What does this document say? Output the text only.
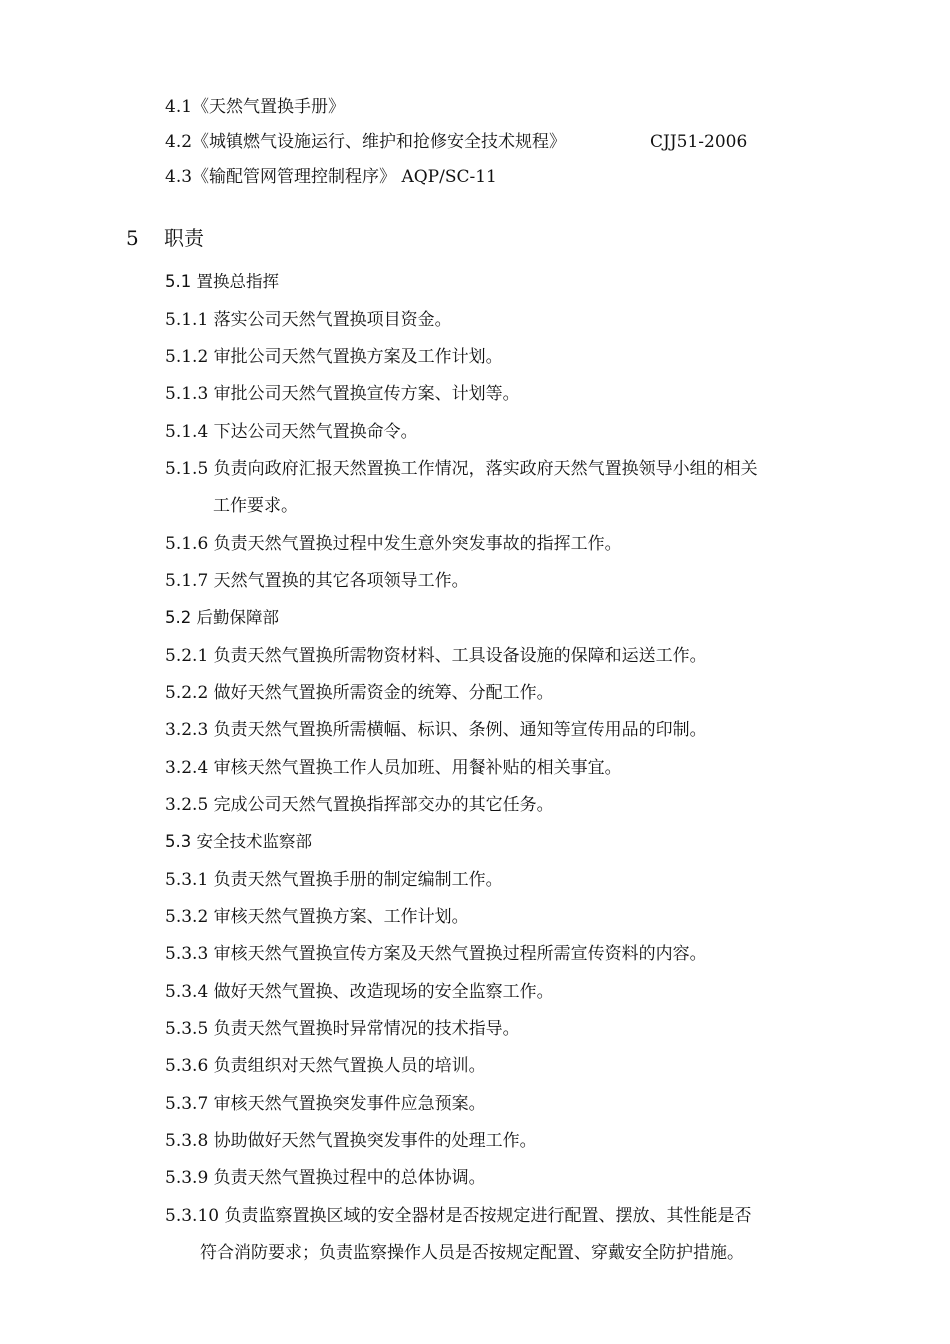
4.1《天然气置换手册》
4.2《城镇燃气设施运行、维护和抢修安全技术规程》	CJJ51-2006
4.3《输配管网管理控制程序》 AQP/SC-11
5 职责
5.1 置换总指挥
5.1.1 落实公司天然气置换项目资金。
5.1.2 审批公司天然气置换方案及工作计划。
5.1.3 审批公司天然气置换宣传方案、计划等。
5.1.4 下达公司天然气置换命令。
5.1.5 负责向政府汇报天然置换工作情况，落实政府天然气置换领导小组的相关
工作要求。
5.1.6 负责天然气置换过程中发生意外突发事故的指挥工作。
5.1.7 天然气置换的其它各项领导工作。
5.2 后勤保障部
5.2.1 负责天然气置换所需物资材料、工具设备设施的保障和运送工作。
5.2.2 做好天然气置换所需资金的统筹、分配工作。
3.2.3 负责天然气置换所需横幅、标识、条例、通知等宣传用品的印制。
3.2.4 审核天然气置换工作人员加班、用餐补贴的相关事宜。
3.2.5 完成公司天然气置换指挥部交办的其它任务。
5.3 安全技术监察部
5.3.1 负责天然气置换手册的制定编制工作。
5.3.2 审核天然气置换方案、工作计划。
5.3.3 审核天然气置换宣传方案及天然气置换过程所需宣传资料的内容。
5.3.4 做好天然气置换、改造现场的安全监察工作。
5.3.5 负责天然气置换时异常情况的技术指导。
5.3.6 负责组织对天然气置换人员的培训。
5.3.7 审核天然气置换突发事件应急预案。
5.3.8 协助做好天然气置换突发事件的处理工作。
5.3.9 负责天然气置换过程中的总体协调。
5.3.10 负责监察置换区域的安全器材是否按规定进行配置、摆放、其性能是否
符合消防要求；负责监察操作人员是否按规定配置、穿戴安全防护措施。
